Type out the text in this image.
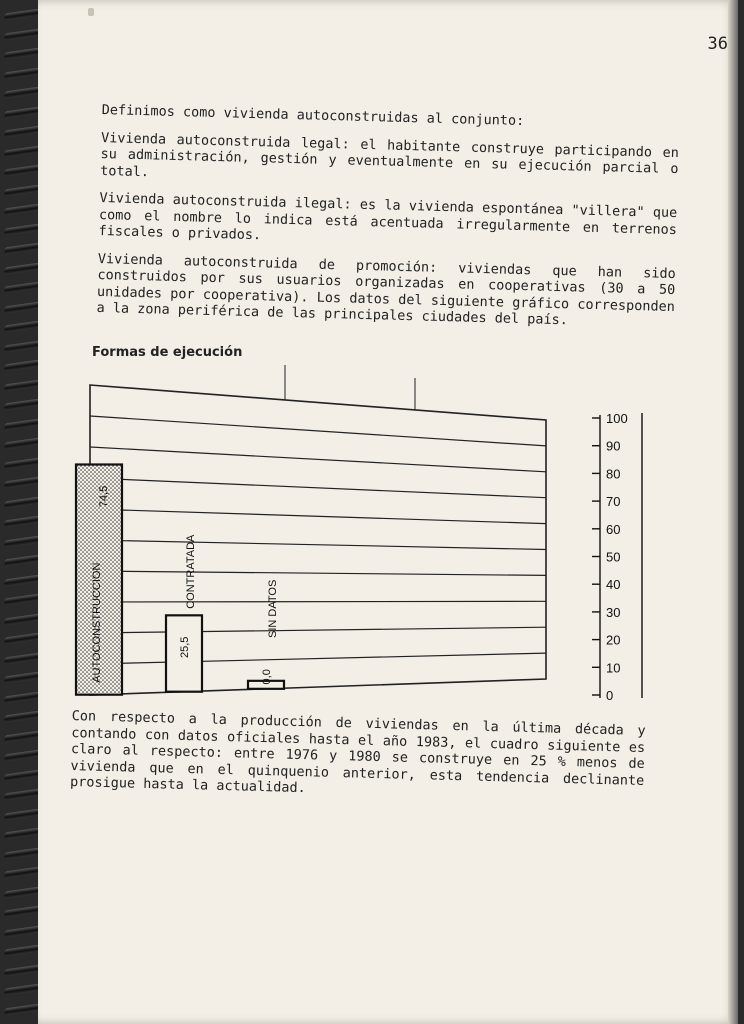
36

Definimos como vivienda autoconstruidas al conjunto:

Vivienda autoconstruida legal: el habitante construye participando en su administración, gestión y eventualmente en su ejecución parcial o total.

Vivienda autoconstruida ilegal: es la vivienda espontánea "villera" que como el nombre lo indica está acentuada irregularmente en terrenos fiscales o privados.

Vivienda autoconstruida de promoción: viviendas que han sido construidos por sus usuarios organizadas en cooperativas (30 a 50 unidades por cooperativa). Los datos del siguiente gráfico corresponden a la zona periférica de las principales ciudades del país.

Formas de ejecución
74,5
AUTOCONSTRUCCION	25,5
CONTRATADA
0,0
SIN DATOS
0
10
20
30
40
50
60
70
80
90
100
Con respecto a la producción de viviendas en la última década y contando con datos oficiales hasta el año 1983, el cuadro siguiente es claro al respecto: entre 1976 y 1980 se construye en 25 % menos de vivienda que en el quinquenio anterior, esta tendencia declinante prosigue hasta la actualidad.
